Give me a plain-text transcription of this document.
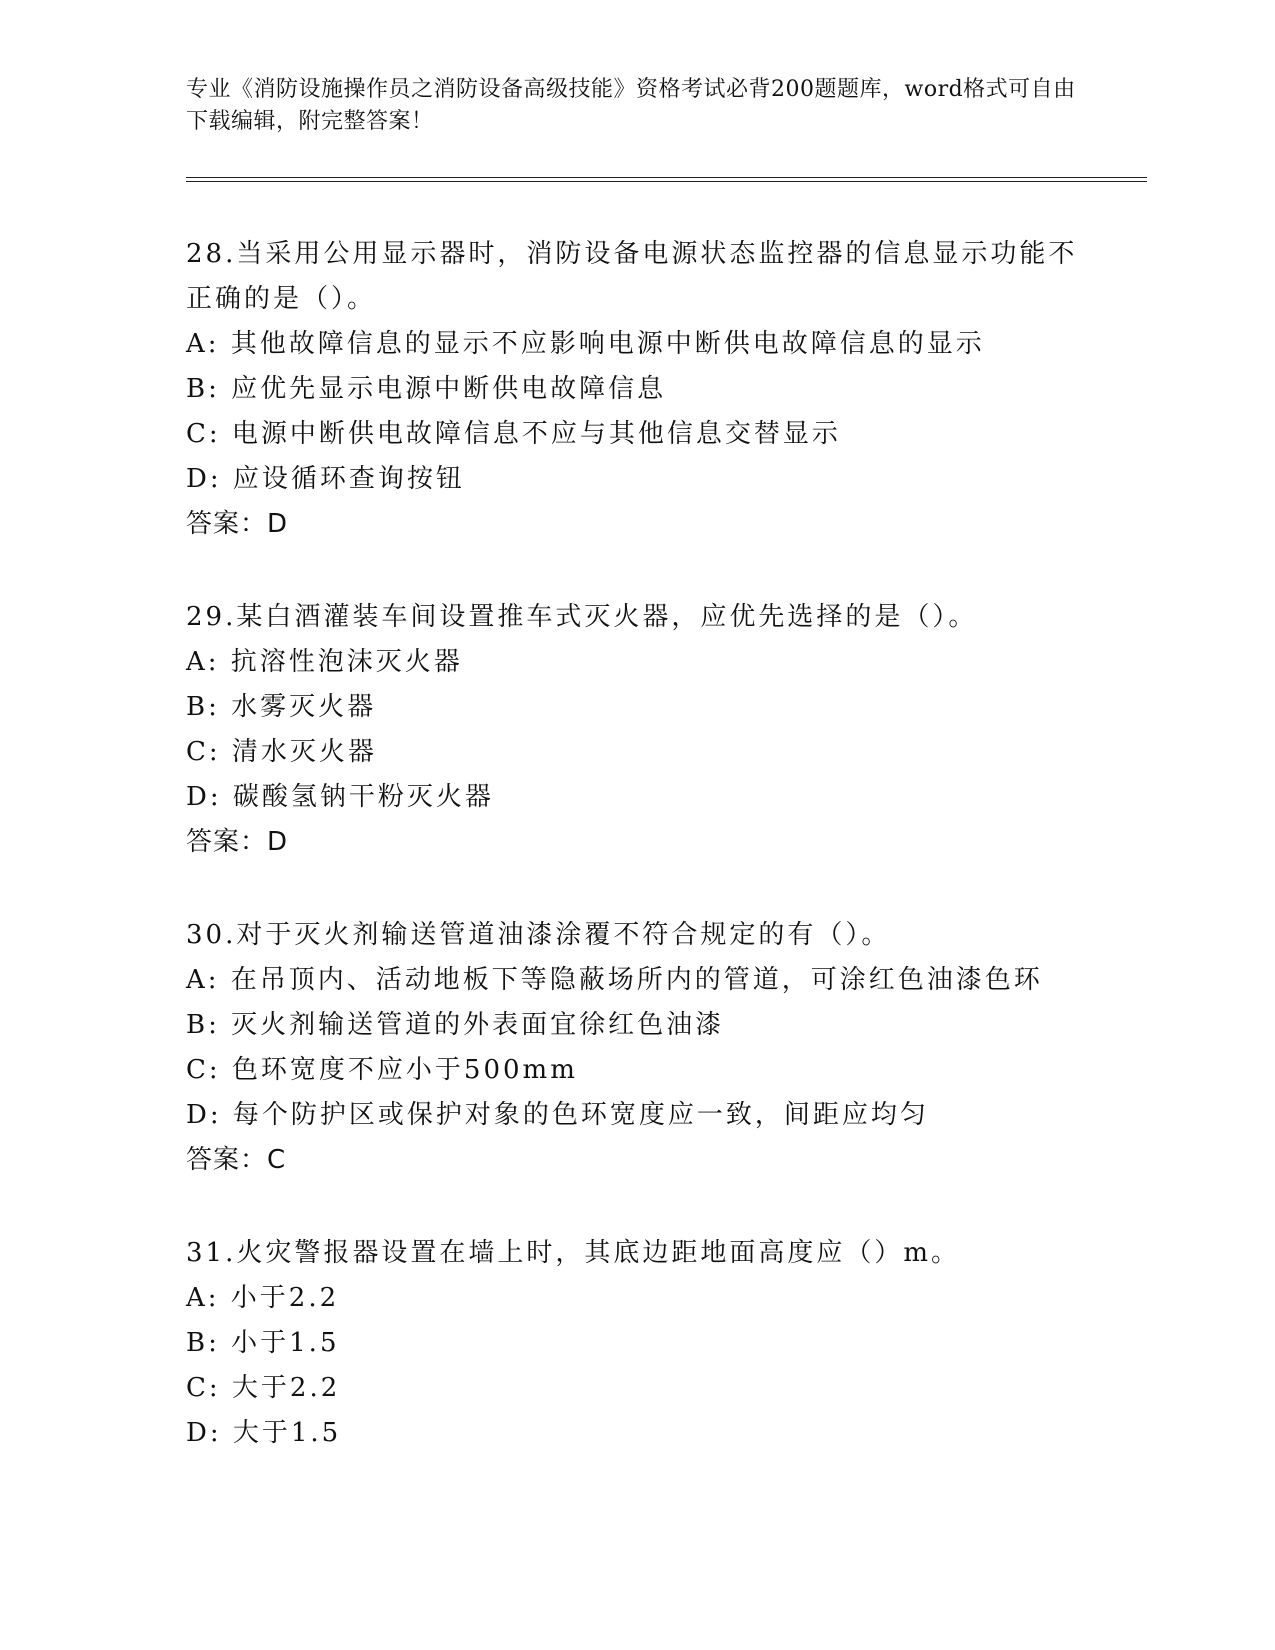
专业《消防设施操作员之消防设备高级技能》资格考试必背200题题库，word格式可自由下载编辑，附完整答案！

28.当采用公用显示器时，消防设备电源状态监控器的信息显示功能不正确的是（）。

A: 其他故障信息的显示不应影响电源中断供电故障信息的显示

B: 应优先显示电源中断供电故障信息

C: 电源中断供电故障信息不应与其他信息交替显示

D: 应设循环查询按钮

答案：D

29.某白酒灌装车间设置推车式灭火器，应优先选择的是（）。

A: 抗溶性泡沫灭火器

B: 水雾灭火器

C: 清水灭火器

D: 碳酸氢钠干粉灭火器

答案：D

30.对于灭火剂输送管道油漆涂覆不符合规定的有（）。

A: 在吊顶内、活动地板下等隐蔽场所内的管道，可涂红色油漆色环

B: 灭火剂输送管道的外表面宜徐红色油漆

C: 色环宽度不应小于500mm

D: 每个防护区或保护对象的色环宽度应一致，间距应均匀

答案：C

31.火灾警报器设置在墙上时，其底边距地面高度应（）m。

A: 小于2.2

B: 小于1.5

C: 大于2.2

D: 大于1.5
